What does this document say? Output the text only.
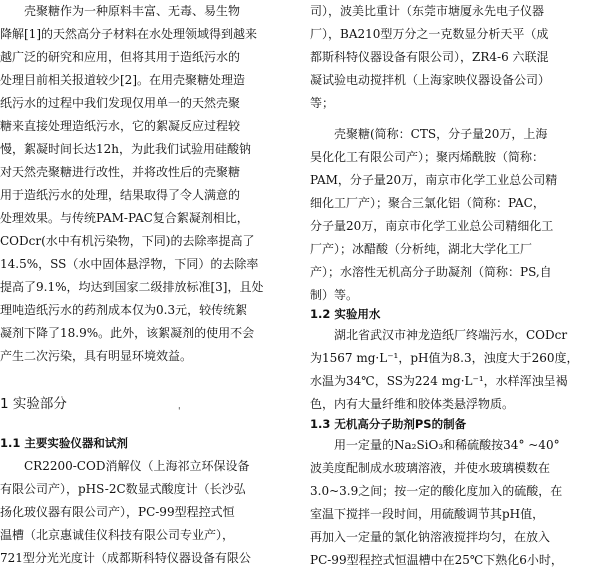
　　壳聚糖作为一种原料丰富、无毒、易生物
降解[1]的天然高分子材料在水处理领域得到越来
越广泛的研究和应用，但将其用于造纸污水的
处理目前相关报道较少[2]。在用壳聚糖处理造
纸污水的过程中我们发现仅用单一的天然壳聚
糖来直接处理造纸污水，它的絮凝反应过程较
慢，絮凝时间长达12h，为此我们试验用硅酸钠
对天然壳聚糖进行改性，并将改性后的壳聚糖
用于造纸污水的处理，结果取得了令人满意的
处理效果。与传统PAM-PAC复合絮凝剂相比，
CODcr(水中有机污染物，下同)的去除率提高了
14.5%，SS（水中固体悬浮物，下同）的去除率
提高了9.1%，均达到国家二级排放标准[3]，且处
理吨造纸污水的药剂成本仅为0.3元，较传统絮
凝剂下降了18.9%。此外，该絮凝剂的使用不会
产生二次污染，具有明显环境效益。
1 实验部分	'
1.1 主要实验仪器和试剂
　　CR2200-COD消解仪（上海祁立环保设备
有限公司产），pHS-2C数显式酸度计（长沙弘
扬化玻仪器有限公司产），PC-99型程控式恒
温槽（北京惠诚佳仪科技有限公司专业产），
721型分光光度计（成都斯科特仪器设备有限公
司），波美比重计（东莞市塘厦永先电子仪器
厂），BA210型万分之一克数显分析天平（成
都斯科特仪器设备有限公司），ZR4-6 六联混
凝试验电动搅拌机（上海家映仪器设备公司）
等；
　　壳聚糖(简称：CTS，分子量20万，上海
昊化化工有限公司产）；聚丙烯酰胺（简称：
PAM，分子量20万，南京市化学工业总公司精
细化工厂产）；聚合三氯化铝（简称：PAC，
分子量20万，南京市化学工业总公司精细化工
厂产）；冰醋酸（分析纯，湖北大学化工厂
产）；水溶性无机高分子助凝剂（简称：PS,自
制）等。
1.2 实验用水
　　湖北省武汉市神龙造纸厂终端污水，CODcr
为1567 mg·L⁻¹，pH值为8.3，浊度大于260度，
水温为34℃，SS为224 mg·L⁻¹，水样浑浊呈褐
色，内有大量纤维和胶体类悬浮物质。
1.3 无机高分子助剂PS的制备
　　用一定量的Na₂SiO₃和稀硫酸按34° ~40°
波美度配制成水玻璃溶液，并使水玻璃模数在
3.0~3.9之间；按一定的酸化度加入的硫酸，在
室温下搅拌一段时间，用硫酸调节其pH值，
再加入一定量的氯化钠溶液搅拌均匀，在放入
PC-99型程控式恒温槽中在25℃下熟化6小时，
